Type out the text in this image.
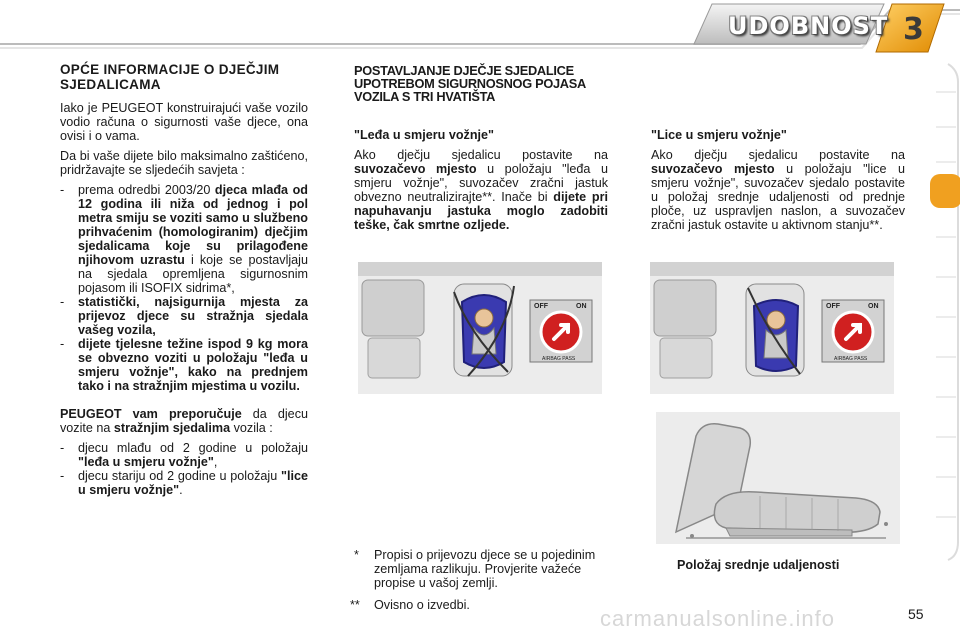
UDOBNOST 3
OPĆE INFORMACIJE O DJEČJIM SJEDALICAMA

Iako je PEUGEOT konstruirajući vaše vozilo vodio računa o sigurnosti vaše djece, ona ovisi i o vama.

Da bi vaše dijete bilo maksimalno zaštićeno, pridržavajte se sljedećih savjeta :

- prema odredbi 2003/20 djeca mlađa od 12 godina ili niža od jednog i pol metra smiju se voziti samo u službeno prihvaćenim (homologiranim) dječjim sjedalicama koje su prilagođene njihovom uzrastu i koje se postavljaju na sjedala opremljena sigurnosnim pojasom ili ISOFIX sidrima*,
- statistički, najsigurnija mjesta za prijevoz djece su stražnja sjedala vašeg vozila,
- dijete tjelesne težine ispod 9 kg mora se obvezno voziti u položaju "leđa u smjeru vožnje", kako na prednjem tako i na stražnjim mjestima u vozilu.

PEUGEOT vam preporučuje da djecu vozite na stražnjim sjedalima vozila :

- djecu mlađu od 2 godine u položaju "leđa u smjeru vožnje",
- djecu stariju od 2 godine u položaju "lice u smjeru vožnje".
POSTAVLJANJE DJEČJE SJEDALICE UPOTREBOM SIGURNOSNOG POJASA VOZILA S TRI HVATIŠTA

"Leđa u smjeru vožnje"

Ako dječju sjedalicu postavite na suvozačevo mjesto u položaju "leđa u smjeru vožnje", suvozačev zračni jastuk obvezno neutralizirajte**. Inače bi dijete pri napuhavanju jastuka moglo zadobiti teške, čak smrtne ozljede.

"Lice u smjeru vožnje"

Ako dječju sjedalicu postavite na suvozačevo mjesto u položaju "lice u smjeru vožnje", suvozačev sjedalo postavite u položaj srednje udaljenosti od prednje ploče, uz uspravljen naslon, a suvozačev zračni jastuk ostavite u aktivnom stanju**.

OFF	ON
AIRBAG PASS
OFF	ON
AIRBAG PASS
* Propisi o prijevozu djece se u pojedinim zemljama razlikuju. Provjerite važeće propise u vašoj zemlji.
** Ovisno o izvedbi.
Položaj srednje udaljenosti
carmanualsonline.info	55
